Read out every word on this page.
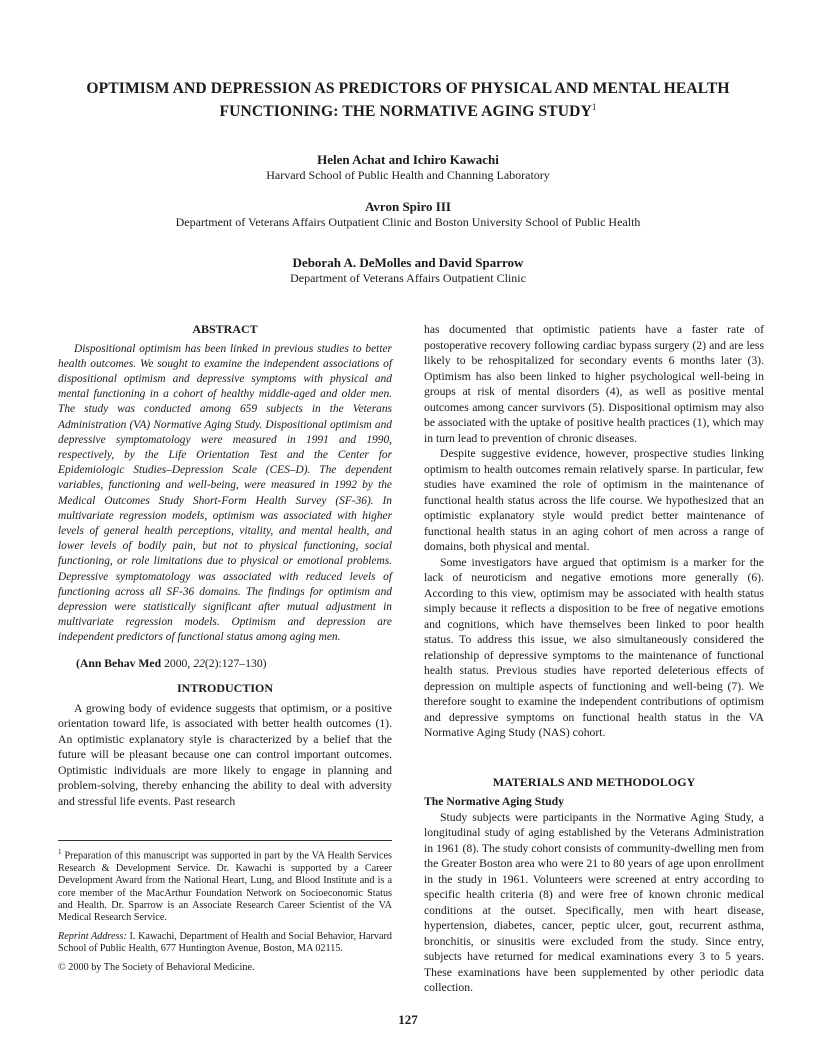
OPTIMISM AND DEPRESSION AS PREDICTORS OF PHYSICAL AND MENTAL HEALTH FUNCTIONING: THE NORMATIVE AGING STUDY$^1$
Helen Achat and Ichiro Kawachi
Harvard School of Public Health and Channing Laboratory
Avron Spiro III
Department of Veterans Affairs Outpatient Clinic and Boston University School of Public Health
Deborah A. DeMolles and David Sparrow
Department of Veterans Affairs Outpatient Clinic
ABSTRACT

Dispositional optimism has been linked in previous studies to better health outcomes. We sought to examine the independent associations of dispositional optimism and depressive symptoms with physical and mental functioning in a cohort of healthy middle-aged and older men. The study was conducted among 659 subjects in the Veterans Administration (VA) Normative Aging Study. Dispositional optimism and depressive symptomatology were measured in 1991 and 1990, respectively, by the Life Orientation Test and the Center for Epidemiologic Studies–Depression Scale (CES–D). The dependent variables, functioning and well-being, were measured in 1992 by the Medical Outcomes Study Short-Form Health Survey (SF-36). In multivariate regression models, optimism was associated with higher levels of general health perceptions, vitality, and mental health, and lower levels of bodily pain, but not to physical functioning, social functioning, or role limitations due to physical or emotional problems. Depressive symptomatology was associated with reduced levels of functioning across all SF-36 domains. The findings for optimism and depression were statistically significant after mutual adjustment in multivariate regression models. Optimism and depression are independent predictors of functional status among aging men.

(Ann Behav Med 2000, 22(2):127–130)
INTRODUCTION

A growing body of evidence suggests that optimism, or a positive orientation toward life, is associated with better health outcomes (1). An optimistic explanatory style is characterized by a belief that the future will be pleasant because one can control important outcomes. Optimistic individuals are more likely to engage in planning and problem-solving, thereby enhancing the ability to deal with adversity and stressful life events. Past research

$^1$ Preparation of this manuscript was supported in part by the VA Health Services Research & Development Service. Dr. Kawachi is supported by a Career Development Award from the National Heart, Lung, and Blood Institute and is a core member of the MacArthur Foundation Network on Socioeconomic Status and Health. Dr. Sparrow is an Associate Research Career Scientist of the VA Medical Research Service.

Reprint Address: I. Kawachi, Department of Health and Social Behavior, Harvard School of Public Health, 677 Huntington Avenue, Boston, MA 02115.

© 2000 by The Society of Behavioral Medicine.

has documented that optimistic patients have a faster rate of postoperative recovery following cardiac bypass surgery (2) and are less likely to be rehospitalized for secondary events 6 months later (3). Optimism has also been linked to higher psychological well-being in groups at risk of mental disorders (4), as well as positive mental outcomes among cancer survivors (5). Dispositional optimism may also be associated with the uptake of positive health practices (1), which may in turn lead to prevention of chronic diseases.

Despite suggestive evidence, however, prospective studies linking optimism to health outcomes remain relatively sparse. In particular, few studies have examined the role of optimism in the maintenance of functional health status across the life course. We hypothesized that an optimistic explanatory style would predict better maintenance of functional health status in an aging cohort of men across a range of domains, both physical and mental.

Some investigators have argued that optimism is a marker for the lack of neuroticism and negative emotions more generally (6). According to this view, optimism may be associated with health status simply because it reflects a disposition to be free of negative emotions and cognitions, which have themselves been linked to poor health status. To address this issue, we also simultaneously considered the relationship of depressive symptoms to the maintenance of functional health status. Previous studies have reported deleterious effects of depression on multiple aspects of functioning and well-being (7). We therefore sought to examine the independent contributions of optimism and depressive symptoms on functional health status in the VA Normative Aging Study (NAS) cohort.

MATERIALS AND METHODOLOGY
The Normative Aging Study

Study subjects were participants in the Normative Aging Study, a longitudinal study of aging established by the Veterans Administration in 1961 (8). The study cohort consists of community-dwelling men from the Greater Boston area who were 21 to 80 years of age upon enrollment in the study in 1961. Volunteers were screened at entry according to specific health criteria (8) and were free of known chronic medical conditions at the outset. Specifically, men with heart disease, hypertension, diabetes, cancer, peptic ulcer, gout, recurrent asthma, bronchitis, or sinusitis were excluded from the study. Since entry, subjects have returned for medical examinations every 3 to 5 years. These examinations have been supplemented by other periodic data collection.

127
